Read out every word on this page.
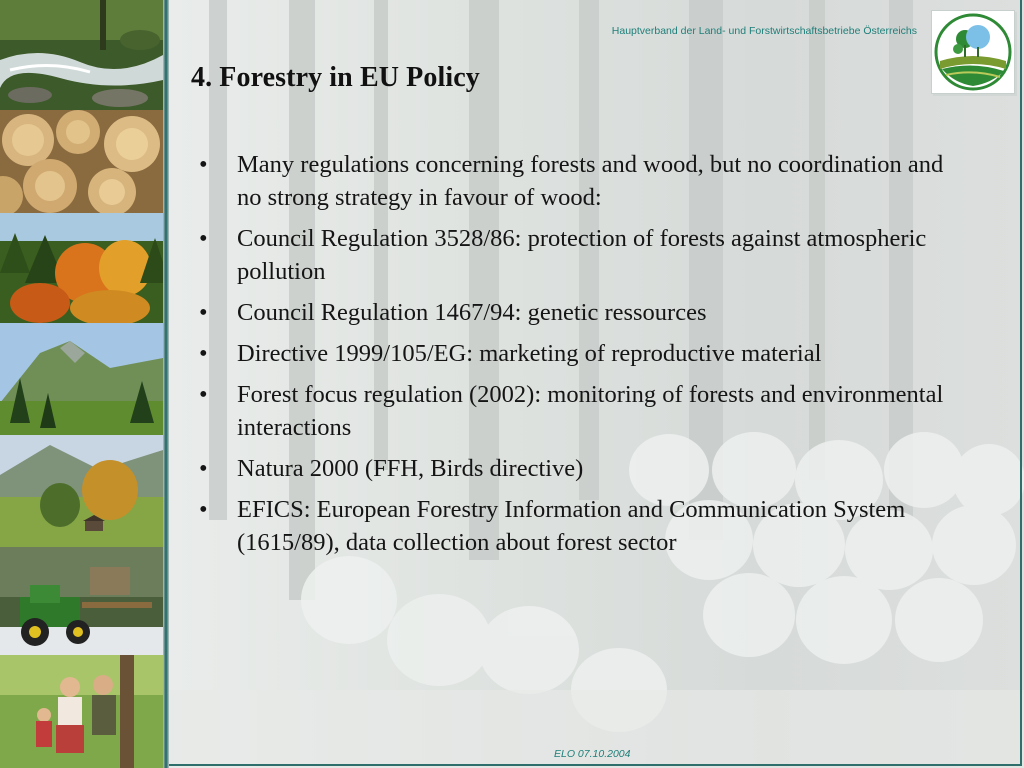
Hauptverband der Land- und Forstwirtschaftsbetriebe Österreichs
4. Forestry in EU Policy
•	Many regulations concerning forests and wood, but no coordination and no strong strategy in favour of wood:
•	Council Regulation 3528/86: protection of forests against atmospheric pollution
•	Council Regulation 1467/94: genetic ressources
•	Directive 1999/105/EG: marketing of reproductive material
•	Forest focus regulation (2002): monitoring of forests and environmental interactions
•	Natura 2000 (FFH, Birds directive)
•	EFICS: European Forestry Information and Communication System (1615/89), data collection about forest sector
ELO 07.10.2004
